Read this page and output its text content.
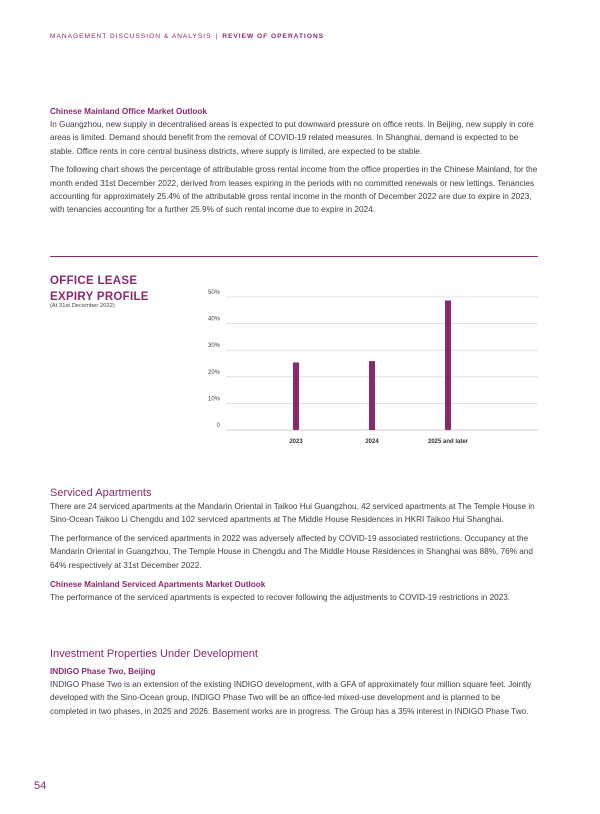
MANAGEMENT DISCUSSION & ANALYSIS | REVIEW OF OPERATIONS
Chinese Mainland Office Market Outlook

In Guangzhou, new supply in decentralised areas is expected to put downward pressure on office rents. In Beijing, new supply in core areas is limited. Demand should benefit from the removal of COVID-19 related measures. In Shanghai, demand is expected to be stable. Office rents in core central business districts, where supply is limited, are expected to be stable.

The following chart shows the percentage of attributable gross rental income from the office properties in the Chinese Mainland, for the month ended 31st December 2022, derived from leases expiring in the periods with no committed renewals or new lettings. Tenancies accounting for approximately 25.4% of the attributable gross rental income in the month of December 2022 are due to expire in 2023, with tenancies accounting for a further 25.9% of such rental income due to expire in 2024.

OFFICE LEASE
EXPIRY PROFILE
(At 31st December 2022)
0
10%
20%
30%
40%
50%
2023	2024	2025 and later
Serviced Apartments

There are 24 serviced apartments at the Mandarin Oriental in Taikoo Hui Guangzhou, 42 serviced apartments at The Temple House in Sino-Ocean Taikoo Li Chengdu and 102 serviced apartments at The Middle House Residences in HKRI Taikoo Hui Shanghai.

The performance of the serviced apartments in 2022 was adversely affected by COVID-19 associated restrictions. Occupancy at the Mandarin Oriental in Guangzhou, The Temple House in Chengdu and The Middle House Residences in Shanghai was 88%, 76% and 64% respectively at 31st December 2022.

Chinese Mainland Serviced Apartments Market Outlook

The performance of the serviced apartments is expected to recover following the adjustments to COVID-19 restrictions in 2023.

Investment Properties Under Development
INDIGO Phase Two, Beijing

INDIGO Phase Two is an extension of the existing INDIGO development, with a GFA of approximately four million square feet. Jointly developed with the Sino-Ocean group, INDIGO Phase Two will be an office-led mixed-use development and is planned to be completed in two phases, in 2025 and 2026. Basement works are in progress. The Group has a 35% interest in INDIGO Phase Two.

54
